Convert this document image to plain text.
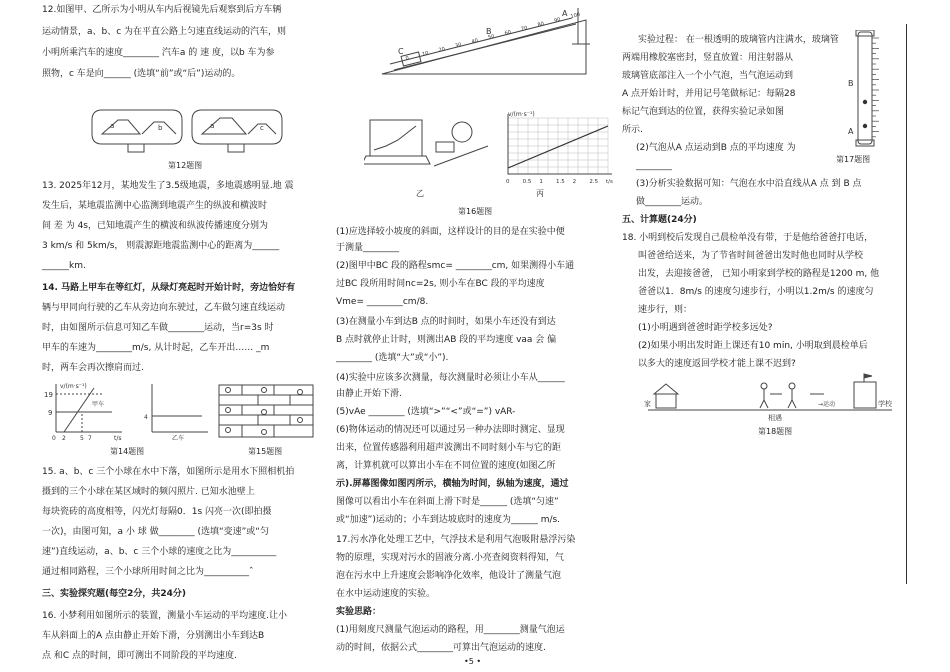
12.如图甲、乙所示为小明从车内后视镜先后观察到后方车辆
运动情景，a、b、c 为在平直公路上匀速直线运动的汽车，则
小明所乘汽车的速度________ 汽车a 的 速 度，以b 车为参
照物，c 车是向______ (选填“前”或“后”)运动的。
a	b	a	c
第12题图
13. 2025年12月，某地发生了3.5级地震，多地震感明显.地 震
发生后，某地震监测中心监测到地震产生的纵波和横波时
间 差 为 4s，已知地震产生的横波和纵波传播速度分别为
3 km/s 和 5km/s， 则震源距地震监测中心的距离为______
______km.
14. 马路上甲车在等红灯，从绿灯亮起时开始计时，旁边恰好有
辆与甲同向行驶的乙车从旁边向东驶过，乙车做匀速直线运动
时，由如图所示信息可知乙车做________运动，当r=3s 时
甲车的车速为________m/s, 从计时起，乙车开出…… _m
时，两车会再次擦肩而过.
v/(m·s⁻¹)
19
9
0 2 5 7	t/s
甲车
4
乙车
第14题图	第15题图
15. a、b、c 三个小球在水中下落，如图所示是用水下照相机拍
摄到的三个小球在某区域时的频闪照片. 已知水池壁上
每块瓷砖的高度相等，闪光灯每隔0．1s 闪亮一次(即拍摄
一次)，由图可知，a 小 球 做________ (选填“变速”或“匀
速”)直线运动，a、b、c 三个小球的速度之比为__________
通过相同路程，三个小球所用时间之比为__________ˆ
三、实验探究题(每空2分，共24分)
16. 小梦利用如图所示的装置，测量小车运动的平均速度.让小
车从斜面上的A 点由静止开始下滑，分别测出小车到达B
点 和C 点的时间，即可测出不同阶段的平均速度.
0
10
20
30
40
50
60
70
80
90
100
C
B
A
乙
v/(m·s⁻¹)
0 0.5 1 1.5 2 2.5 t/s
丙
第16题图
(1)应选择较小坡度的斜面，这样设计的目的是在实验中便
于测量________
(2)图甲中BC 段的路程smc= ________cm, 如果测得小车通
过BC 段所用时间nc=2s, 则小车在BC 段的平均速度
Vme= ________cm/8.
(3)在测量小车到达B 点的时间时，如果小车还没有到达
B 点时就停止计时，则测出AB 段的平均速度 vaa 会 偏
________ (选填“大”或“小”).
(4)实验中应该多次测量，每次测量时必须让小车从______
由静止开始下滑.
(5)vAe ________ (选填“>”“<”或“=”) vAR-
(6)物体运动的情况还可以通过另一种办法即时测定、显现
出来，位置传感器利用超声波测出不同时刻小车与它的距
离，计算机就可以算出小车在不同位置的速度(如图乙所
示).屏幕图像如图丙所示，横轴为时间，纵轴为速度，通过
图像可以看出小车在斜面上滑下时是______ (选填“匀速”
或“加速”)运动的；小车到达坡底时的速度为______ m/s.
17.污水净化处理工艺中，气浮技术是利用气泡吸附悬浮污染
物的原理，实现对污水的固液分离.小亮查阅资料得知，气
泡在污水中上升速度会影响净化效率，他设计了测量气泡
在水中运动速度的实验。
实验思路：
(1)用刻度尺测量气泡运动的路程，用________测量气泡运
动的时间，依据公式________可算出气泡运动的速度.
•5 •
实验过程： 在一根透明的玻璃管内注满水，玻璃管
两端用橡胶塞密封，竖直放置：用注射器从
玻璃管底部注入一个小气泡，当气泡运动到
A 点开始计时，并用记号笔做标记：每隔28
标记气泡到达的位置，获得实验记录如图
所示.
(2)气泡从A 点运动到B 点的平均速度 为
________
(3)分析实验数据可知：气泡在水中沿直线从A 点 到 B 点
做________运动。
B
A
第17题图
五、计算题(24分)
18. 小明到校后发现自己晨检单没有带，于是他给爸爸打电话，
叫爸爸给送来，为了节省时间爸爸出发时他也同时从学校
出发，去迎接爸爸， 已知小明家到学校的路程是1200 m, 他
爸爸以1．8m/s 的速度匀速步行，小明以1.2m/s 的速度匀
速步行，则：
(1)小明遇到爸爸时距学校多远处?
(2)如果小明出发时距上课还有10 min, 小明取到晨检单后
以多大的速度返回学校才能上课不迟到?
家	→运动	学校
相遇
第18题图
